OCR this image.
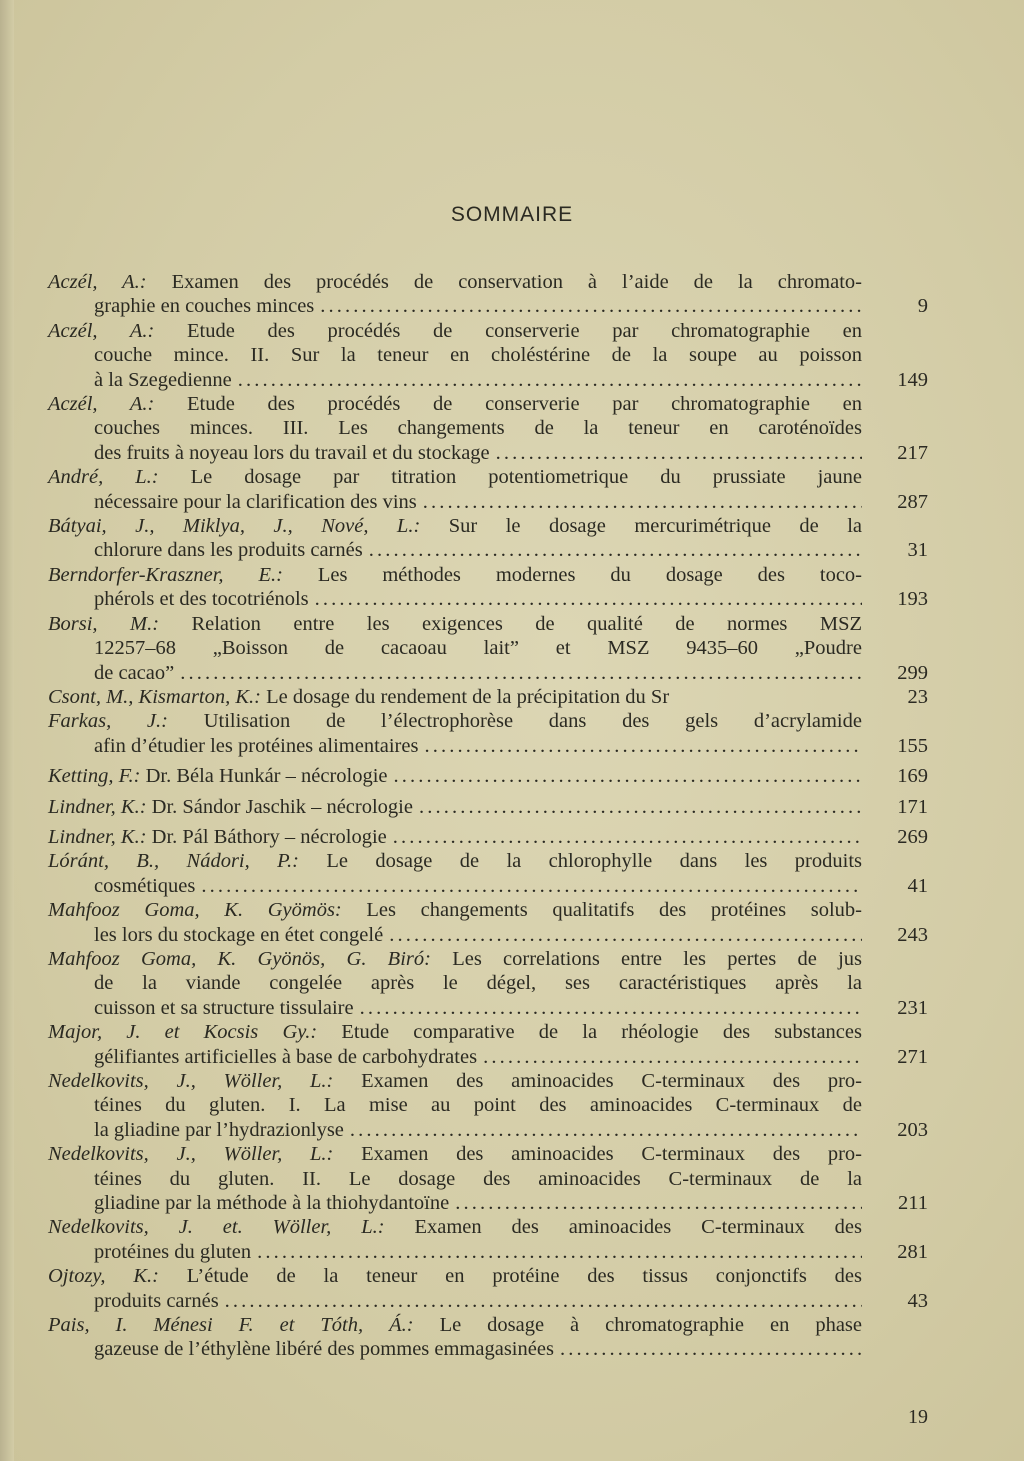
SOMMAIRE
Aczél, A.: Examen des procédés de conservation à l’aide de la chromato-
graphie en couches minces . . .	9
Aczél, A.: Etude des procédés de conserverie par chromatographie en
couche mince. II. Sur la teneur en choléstérine de la soupe au poisson
à la Szegedienne . . .	149
Aczél, A.: Etude des procédés de conserverie par chromatographie en
couches minces. III. Les changements de la teneur en caroténoïdes
des fruits à noyeau lors du travail et du stockage . . .	217
André, L.: Le dosage par titration potentiometrique du prussiate jaune
nécessaire pour la clarification des vins . . .	287
Bátyai, J., Miklya, J., Nové, L.: Sur le dosage mercurimétrique de la
chlorure dans les produits carnés . . .	31
Berndorfer-Kraszner, E.: Les méthodes modernes du dosage des toco-
phérols et des tocotriénols . . .	193
Borsi, M.: Relation entre les exigences de qualité de normes MSZ
12257–68 „Boisson de cacaoau lait” et MSZ 9435–60 „Poudre
de cacao” . . .	299
Csont, M., Kismarton, K.: Le dosage du rendement de la précipitation du Sr	23
Farkas, J.: Utilisation de l’électrophorèse dans des gels d’acrylamide
afin d’étudier les protéines alimentaires . . .	155
Ketting, F.: Dr. Béla Hunkár – nécrologie . . .	169
Lindner, K.: Dr. Sándor Jaschik – nécrologie . . .	171
Lindner, K.: Dr. Pál Báthory – nécrologie . . .	269
Lóránt, B., Nádori, P.: Le dosage de la chlorophylle dans les produits
cosmétiques . . .	41
Mahfooz Goma, K. Gyömös: Les changements qualitatifs des protéines solub-
les lors du stockage en étet congelé . . .	243
Mahfooz Goma, K. Gyönös, G. Biró: Les correlations entre les pertes de jus
de la viande congelée après le dégel, ses caractéristiques après la
cuisson et sa structure tissulaire . . .	231
Major, J. et Kocsis Gy.: Etude comparative de la rhéologie des substances
gélifiantes artificielles à base de carbohydrates . . .	271
Nedelkovits, J., Wöller, L.: Examen des aminoacides C-terminaux des pro-
téines du gluten. I. La mise au point des aminoacides C-terminaux de
la gliadine par l’hydrazionlyse . . .	203
Nedelkovits, J., Wöller, L.: Examen des aminoacides C-terminaux des pro-
téines du gluten. II. Le dosage des aminoacides C-terminaux de la
gliadine par la méthode à la thiohydantoïne . . .	211
Nedelkovits, J. et. Wöller, L.: Examen des aminoacides C-terminaux des
protéines du gluten . . .	281
Ojtozy, K.: L’étude de la teneur en protéine des tissus conjonctifs des
produits carnés . . .	43
Pais, I. Ménesi F. et Tóth, Á.: Le dosage à chromatographie en phase
gazeuse de l’éthylène libéré des pommes emmagasinées
. . .
19
